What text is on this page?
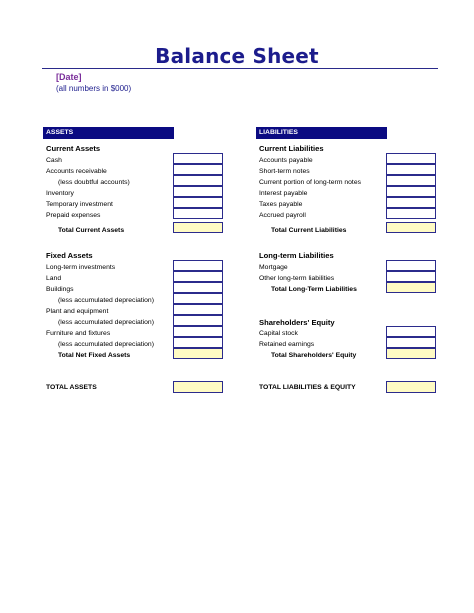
Balance Sheet
[Date]
(all numbers in $000)
ASSETS
Current Assets
Cash
Accounts receivable
(less doubtful accounts)
Inventory
Temporary investment
Prepaid expenses
Total Current Assets
Fixed Assets
Long-term investments
Land
Buildings
(less accumulated depreciation)
Plant and equipment
(less accumulated depreciation)
Furniture and fixtures
(less accumulated depreciation)
Total Net Fixed Assets
TOTAL ASSETS
LIABILITIES
Current Liabilities
Accounts payable
Short-term notes
Current portion of long-term notes
Interest payable
Taxes payable
Accrued payroll
Total Current Liabilities
Long-term Liabilities
Mortgage
Other long-term liabilities
Total Long-Term Liabilities
Shareholders' Equity
Capital stock
Retained earnings
Total Shareholders' Equity
TOTAL LIABILITIES & EQUITY
